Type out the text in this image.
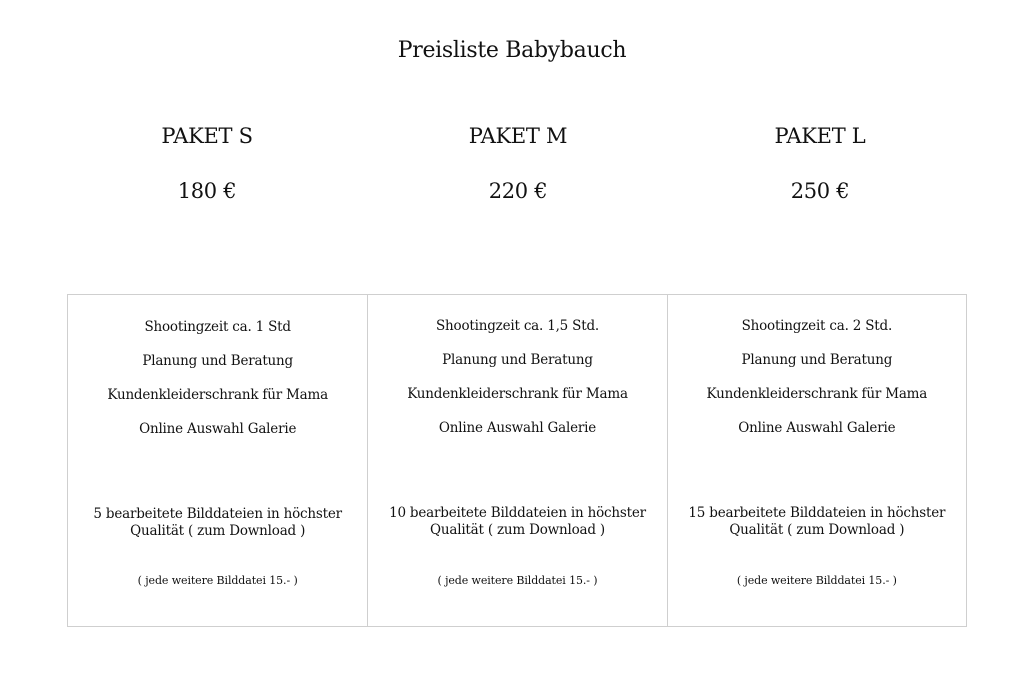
Preisliste Babybauch
PAKET S
180 €
PAKET M
220 €
PAKET L
250 €
Shootingzeit ca. 1 Std
Planung und Beratung
Kundenkleiderschrank für Mama
Online Auswahl Galerie
5 bearbeitete Bilddateien in höchster Qualität ( zum Download )
( jede weitere Bilddatei 15.- )
Shootingzeit ca. 1,5 Std.
Planung und Beratung
Kundenkleiderschrank für Mama
Online Auswahl Galerie
10 bearbeitete Bilddateien in höchster Qualität ( zum Download )
( jede weitere Bilddatei 15.- )
Shootingzeit ca. 2 Std.
Planung und Beratung
Kundenkleiderschrank für Mama
Online Auswahl Galerie
15 bearbeitete Bilddateien in höchster Qualität ( zum Download )
( jede weitere Bilddatei 15.- )
